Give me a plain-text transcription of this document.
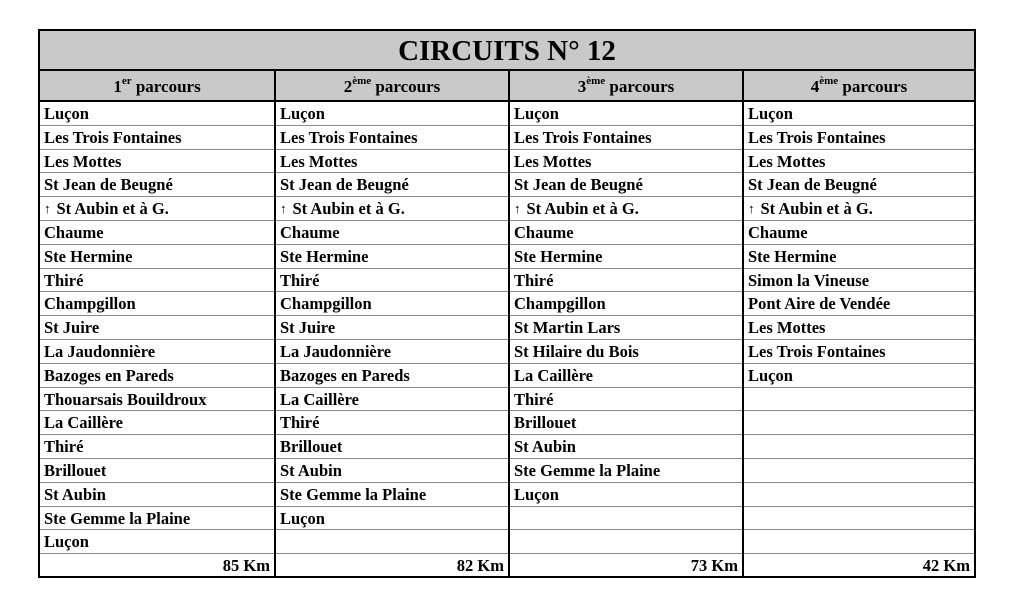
CIRCUITS N° 12
1er parcours
Luçon
Les Trois Fontaines
Les Mottes
St Jean de Beugné
↑ St Aubin et à G.
Chaume
Ste Hermine
Thiré
Champgillon
St Juire
La Jaudonnière
Bazoges en Pareds
Thouarsais Bouildroux
La Caillère
Thiré
Brillouet
St Aubin
Ste Gemme la Plaine
Luçon
85 Km
2ème parcours
Luçon
Les Trois Fontaines
Les Mottes
St Jean de Beugné
↑ St Aubin et à G.
Chaume
Ste Hermine
Thiré
Champgillon
St Juire
La Jaudonnière
Bazoges en Pareds
La Caillère
Thiré
Brillouet
St Aubin
Ste Gemme la Plaine
Luçon
82 Km
3ème parcours
Luçon
Les Trois Fontaines
Les Mottes
St Jean de Beugné
↑ St Aubin et à G.
Chaume
Ste Hermine
Thiré
Champgillon
St Martin Lars
St Hilaire du Bois
La Caillère
Thiré
Brillouet
St Aubin
Ste Gemme la Plaine
Luçon
73 Km
4ème parcours
Luçon
Les Trois Fontaines
Les Mottes
St Jean de Beugné
↑ St Aubin et à G.
Chaume
Ste Hermine
Simon la Vineuse
Pont Aire de Vendée
Les Mottes
Les Trois Fontaines
Luçon
42 Km
